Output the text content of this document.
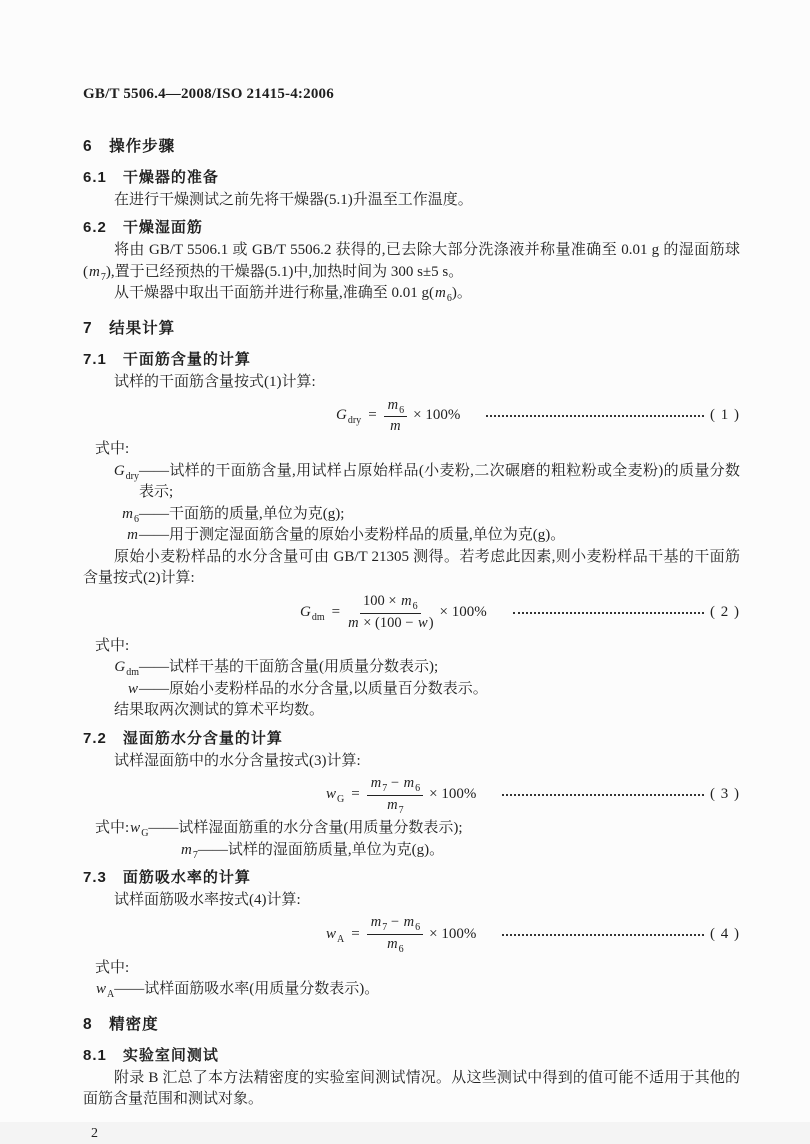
GB/T 5506.4—2008/ISO 21415-4:2006
6　操作步骤
6.1　干燥器的准备

在进行干燥测试之前先将干燥器(5.1)升温至工作温度。

6.2　干燥湿面筋

将由 GB/T 5506.1 或 GB/T 5506.2 获得的,已去除大部分洗涤液并称量准确至 0.01 g 的湿面筋球$(m_7)$,置于已经预热的干燥器(5.1)中,加热时间为 300 s±5 s。

从干燥器中取出干面筋并进行称量,准确至 0.01 $g(m_6)$。

7　结果计算
7.1　干面筋含量的计算

试样的干面筋含量按式(1)计算:

$G_{dry} = \frac{m_6}{m} \times 100\%$	( 1 )

式中:

$G_{dry}$ ——试样的干面筋含量,用试样占原始样品(小麦粉,二次碾磨的粗粒粉或全麦粉)的质量分数表示;
$m_6$ ——干面筋的质量,单位为克(g);
m ——用于测定湿面筋含量的原始小麦粉样品的质量,单位为克(g)。

原始小麦粉样品的水分含量可由 GB/T 21305 测得。若考虑此因素,则小麦粉样品干基的干面筋含量按式(2)计算:

$G_{dm} = \frac{100 \times m_6}{m \times (100 - w)} \times 100\%$	( 2 )

式中:

$G_{dm}$ ——试样干基的干面筋含量(用质量分数表示);
w ——原始小麦粉样品的水分含量,以质量百分数表示。

结果取两次测试的算术平均数。

7.2　湿面筋水分含量的计算

试样湿面筋中的水分含量按式(3)计算:

$w_G = \frac{m_7 - m_6}{m_7} \times 100\%$	( 3 )

式中$:w_G——$试样湿面筋重的水分含量(用质量分数表示);

$m_7——$试样的湿面筋质量,单位为克(g)。

7.3　面筋吸水率的计算

试样面筋吸水率按式(4)计算:

$w_A = \frac{m_7 - m_6}{m_6} \times 100\%$	( 4 )

式中:

$w_A——$试样面筋吸水率(用质量分数表示)。

8　精密度
8.1　实验室间测试

附录 B 汇总了本方法精密度的实验室间测试情况。从这些测试中得到的值可能不适用于其他的面筋含量范围和测试对象。

2
